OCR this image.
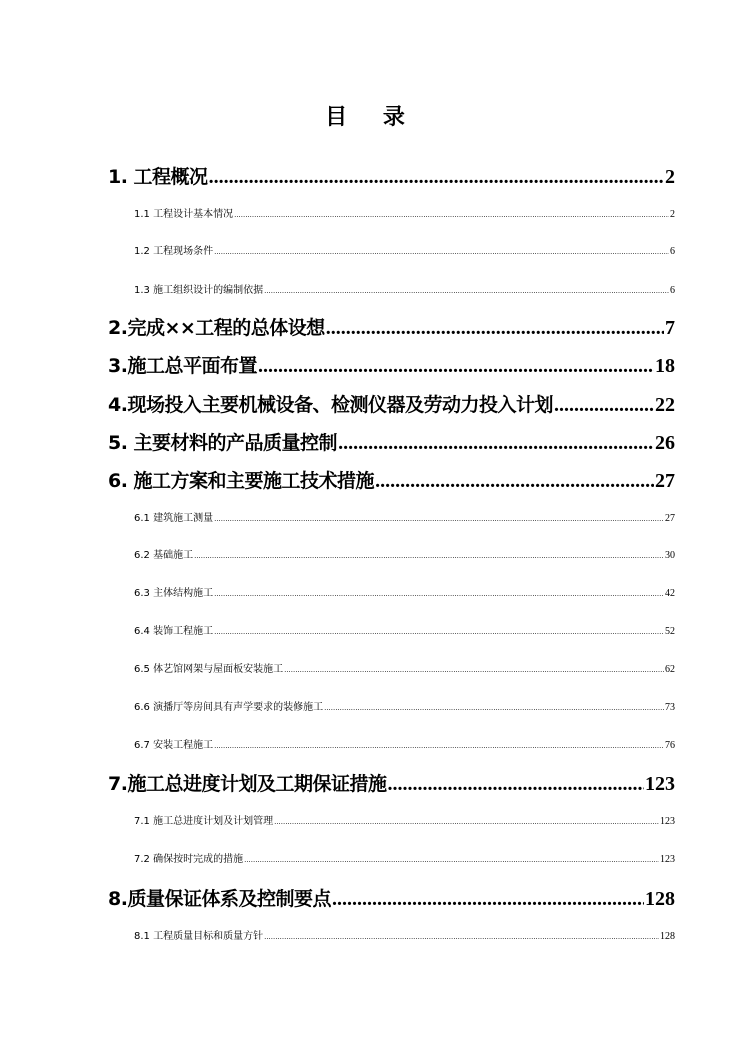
目 录
1. 工程概况 .....	2
1.1 工程设计基本情况 .....	2
1.2 工程现场条件 .....	6
1.3 施工组织设计的编制依据 .....	6
2.完成××工程的总体设想 .....	7
3.施工总平面布置 .....	18
4.现场投入主要机械设备、检测仪器及劳动力投入计划 .....	22
5. 主要材料的产品质量控制 .....	26
6. 施工方案和主要施工技术措施 .....	27
6.1 建筑施工测量 .....	27
6.2 基础施工 .....	30
6.3 主体结构施工 .....	42
6.4 装饰工程施工 .....	52
6.5 体艺馆网架与屋面板安装施工 .....	62
6.6 演播厅等房间具有声学要求的装修施工 .....	73
6.7 安装工程施工 .....	76
7.施工总进度计划及工期保证措施 .....	123
7.1 施工总进度计划及计划管理 .....	123
7.2 确保按时完成的措施 .....	123
8.质量保证体系及控制要点 .....	128
8.1 工程质量目标和质量方针 .....	128
